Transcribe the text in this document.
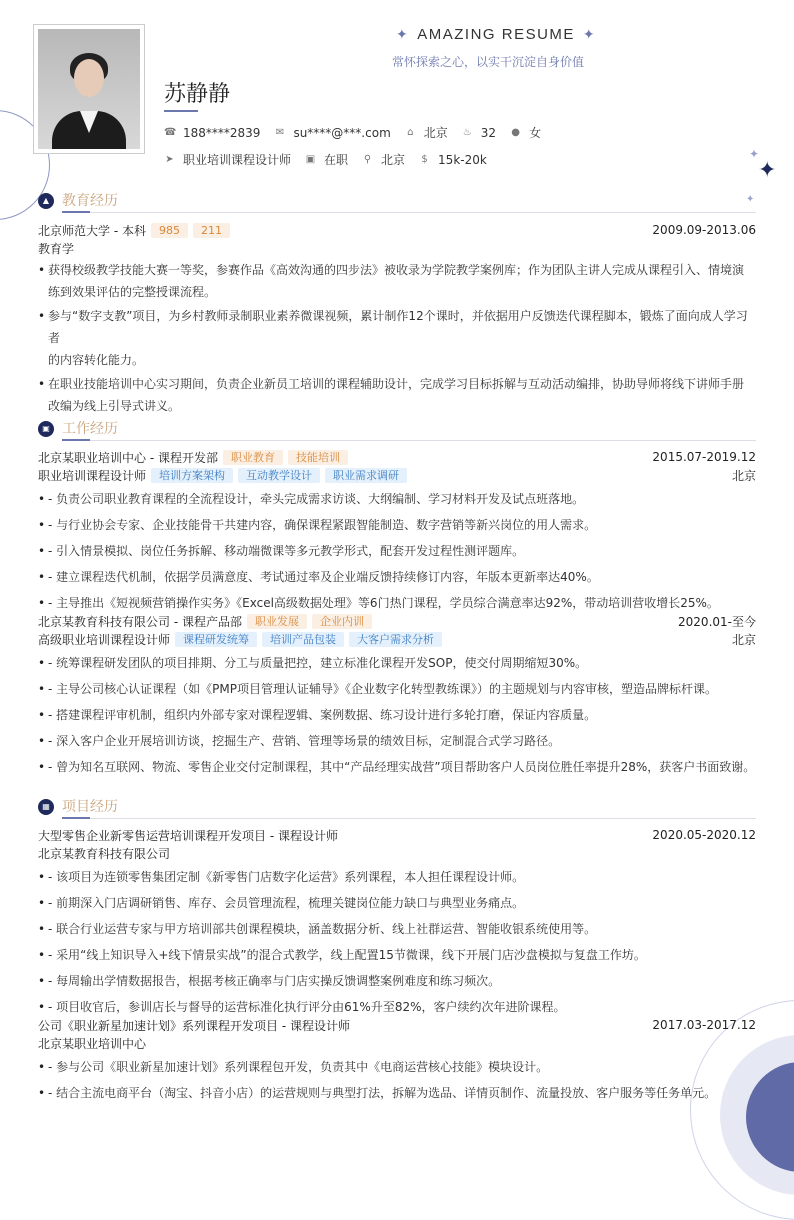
✦
✦
✦
✦ AMAZING RESUME ✦
常怀探索之心，以实干沉淀自身价值
苏静静
☎ 188****2839 ✉ su****@***.com ⌂ 北京 ♨ 32 ● 女
➤ 职业培训课程设计师 ▣ 在职 ⚲ 北京 $ 15k-20k
▲ 教育经历
北京师范大学 - 本科	985	211	2009.09-2013.06
教育学
• 获得校级教学技能大赛一等奖，参赛作品《高效沟通的四步法》被收录为学院教学案例库；作为团队主讲人完成从课程引入、情境演
练到效果评估的完整授课流程。
• 参与“数字支教”项目，为乡村教师录制职业素养微课视频，累计制作12个课时，并依据用户反馈迭代课程脚本，锻炼了面向成人学习者
的内容转化能力。
• 在职业技能培训中心实习期间，负责企业新员工培训的课程辅助设计，完成学习目标拆解与互动活动编排，协助导师将线下讲师手册
改编为线上引导式讲义。
▣ 工作经历
北京某职业培训中心 - 课程开发部	职业教育	技能培训	2015.07-2019.12
职业培训课程设计师	培训方案架构	互动教学设计	职业需求调研	北京
• - 负责公司职业教育课程的全流程设计，牵头完成需求访谈、大纲编制、学习材料开发及试点班落地。
• - 与行业协会专家、企业技能骨干共建内容，确保课程紧跟智能制造、数字营销等新兴岗位的用人需求。
• - 引入情景模拟、岗位任务拆解、移动端微课等多元教学形式，配套开发过程性测评题库。
• - 建立课程迭代机制，依据学员满意度、考试通过率及企业端反馈持续修订内容，年版本更新率达40%。
• - 主导推出《短视频营销操作实务》《Excel高级数据处理》等6门热门课程，学员综合满意率达92%，带动培训营收增长25%。
北京某教育科技有限公司 - 课程产品部	职业发展	企业内训	2020.01-至今
高级职业培训课程设计师	课程研发统筹	培训产品包装	大客户需求分析	北京
• - 统筹课程研发团队的项目排期、分工与质量把控，建立标准化课程开发SOP，使交付周期缩短30%。
• - 主导公司核心认证课程（如《PMP项目管理认证辅导》《企业数字化转型教练课》）的主题规划与内容审核，塑造品牌标杆课。
• - 搭建课程评审机制，组织内外部专家对课程逻辑、案例数据、练习设计进行多轮打磨，保证内容质量。
• - 深入客户企业开展培训访谈，挖掘生产、营销、管理等场景的绩效目标，定制混合式学习路径。
• - 曾为知名互联网、物流、零售企业交付定制课程，其中“产品经理实战营”项目帮助客户人员岗位胜任率提升28%，获客户书面致谢。
▦ 项目经历
大型零售企业新零售运营培训课程开发项目 - 课程设计师	2020.05-2020.12
北京某教育科技有限公司
• - 该项目为连锁零售集团定制《新零售门店数字化运营》系列课程，本人担任课程设计师。
• - 前期深入门店调研销售、库存、会员管理流程，梳理关键岗位能力缺口与典型业务痛点。
• - 联合行业运营专家与甲方培训部共创课程模块，涵盖数据分析、线上社群运营、智能收银系统使用等。
• - 采用“线上知识导入+线下情景实战”的混合式教学，线上配置15节微课，线下开展门店沙盘模拟与复盘工作坊。
• - 每周输出学情数据报告，根据考核正确率与门店实操反馈调整案例难度和练习频次。
• - 项目收官后，参训店长与督导的运营标准化执行评分由61%升至82%，客户续约次年进阶课程。
公司《职业新星加速计划》系列课程开发项目 - 课程设计师	2017.03-2017.12
北京某职业培训中心
• - 参与公司《职业新星加速计划》系列课程包开发，负责其中《电商运营核心技能》模块设计。
• - 结合主流电商平台（淘宝、抖音小店）的运营规则与典型打法，拆解为选品、详情页制作、流量投放、客户服务等任务单元。
